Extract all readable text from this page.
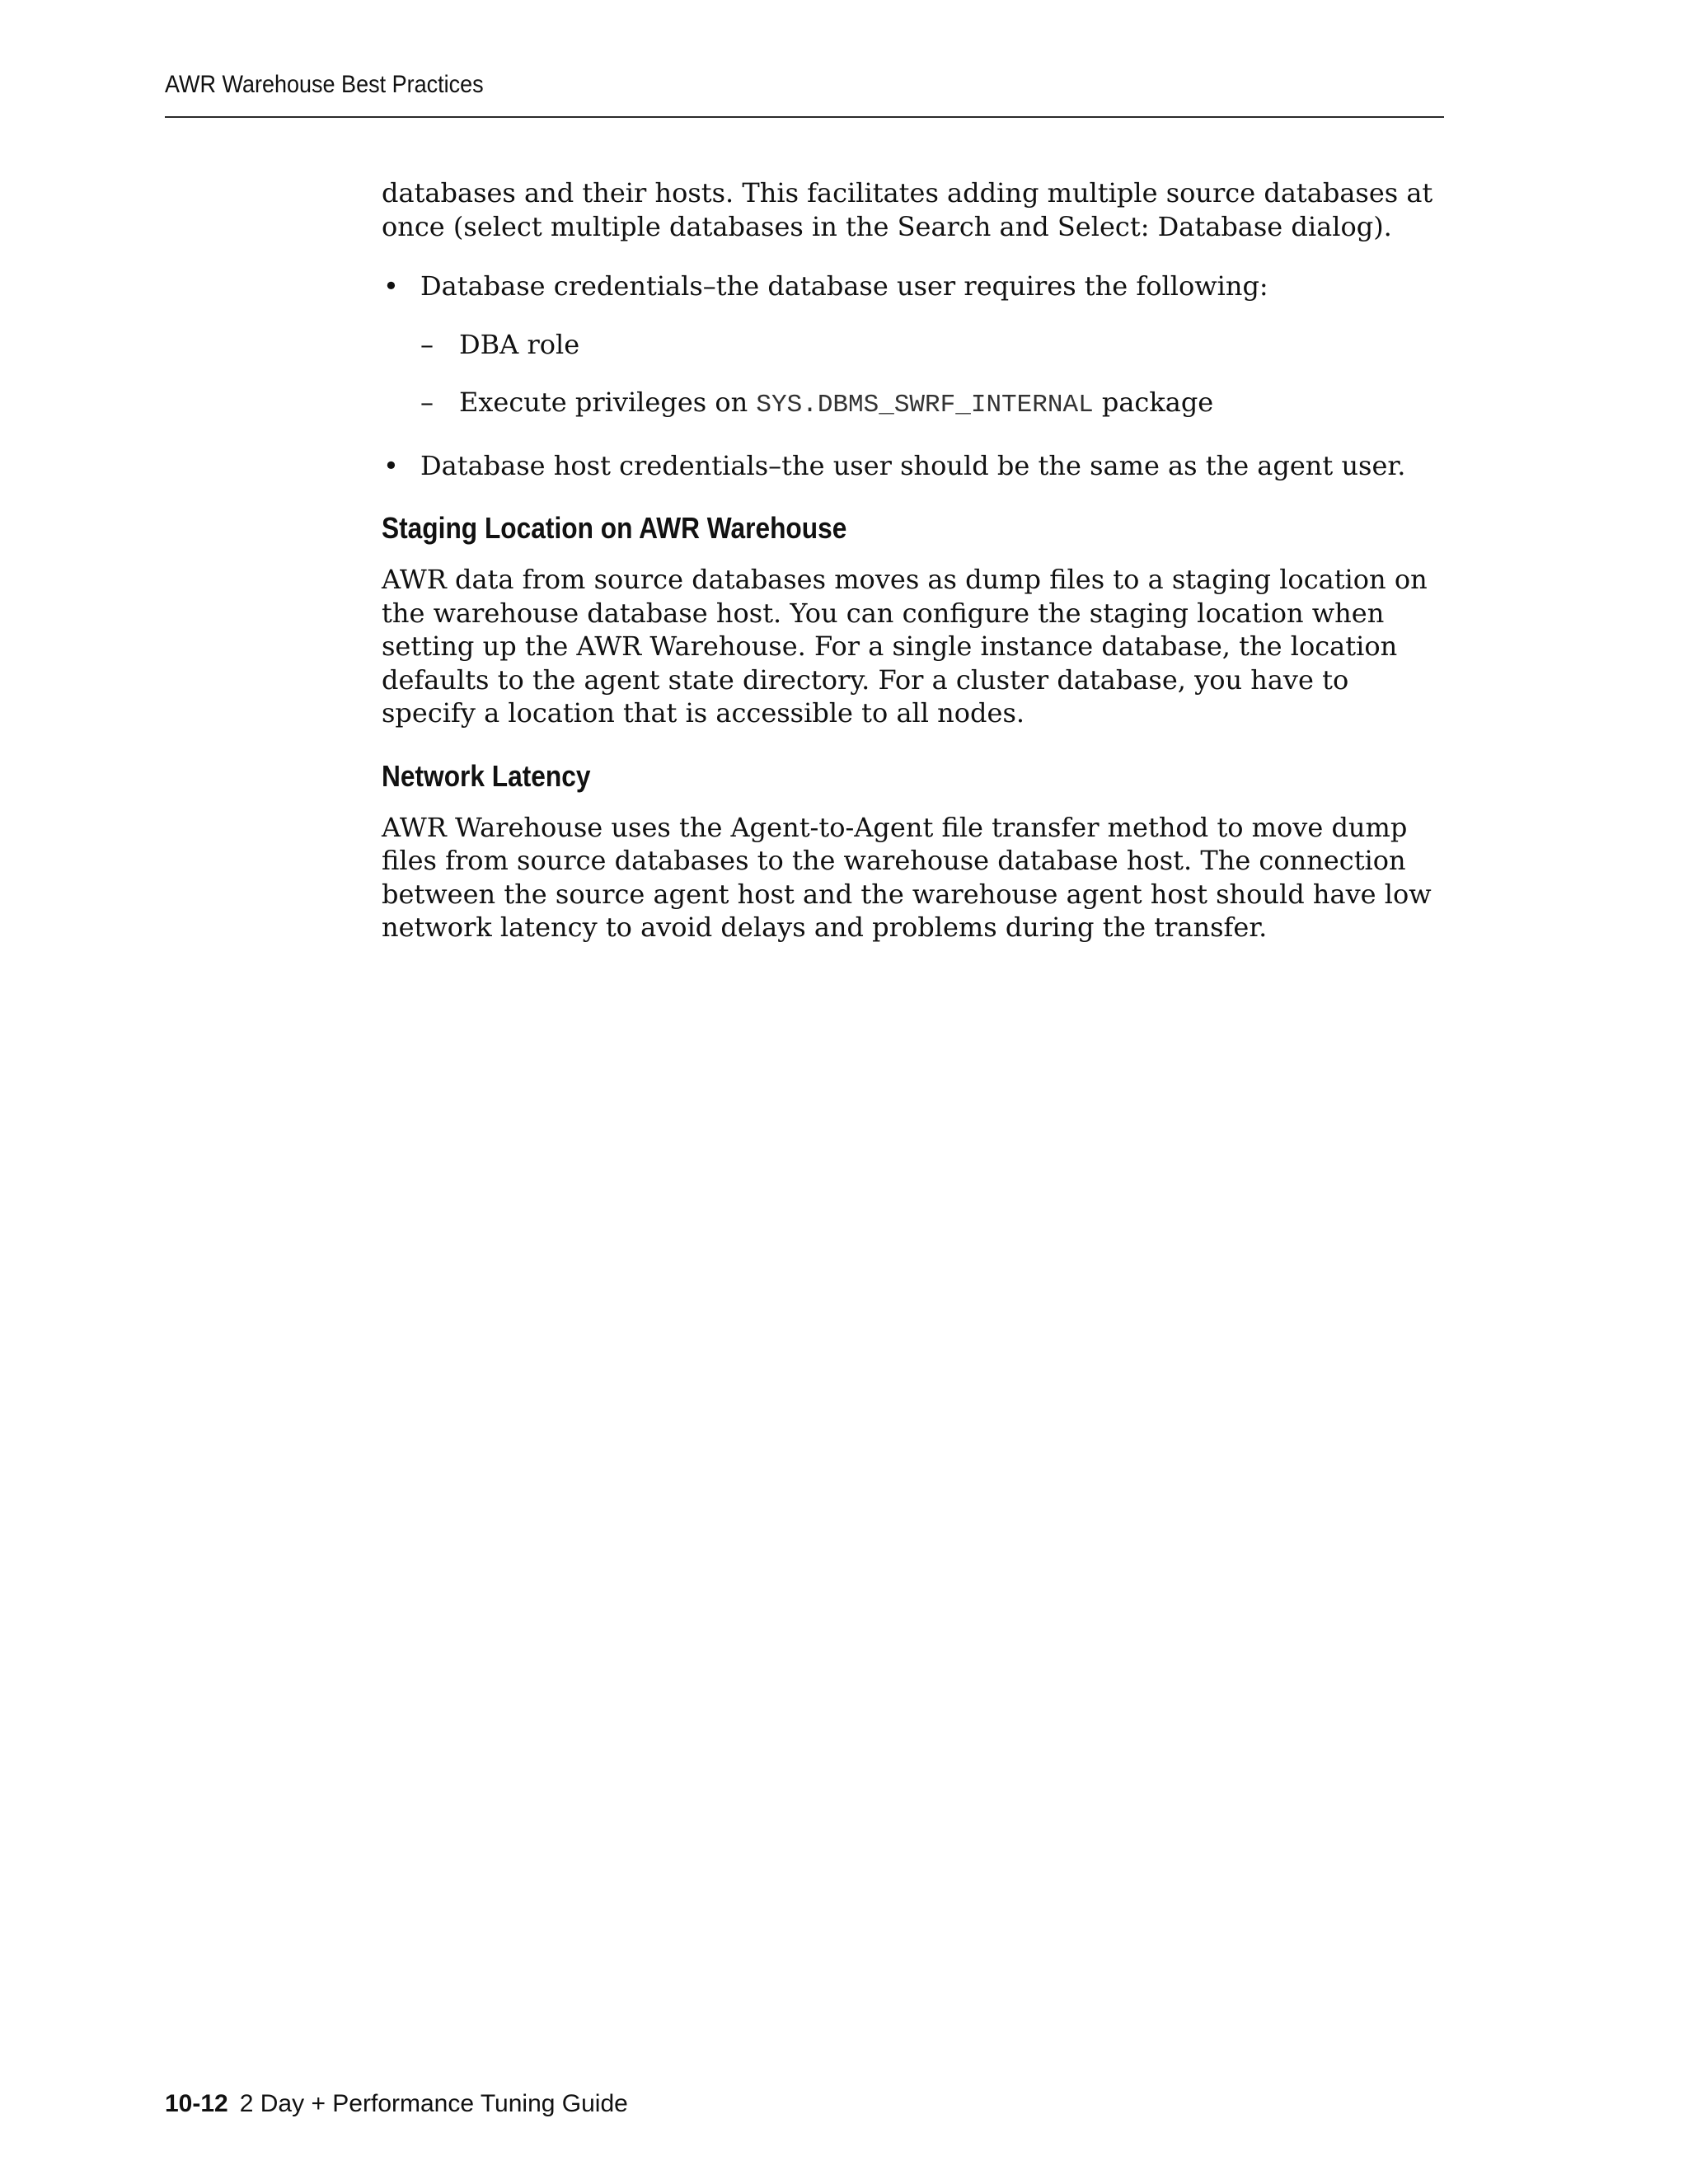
AWR Warehouse Best Practices

databases and their hosts. This facilitates adding multiple source databases at once (select multiple databases in the Search and Select: Database dialog).

• Database credentials–the database user requires the following:
– DBA role
– Execute privileges on SYS.DBMS_SWRF_INTERNAL package
• Database host credentials–the user should be the same as the agent user.
Staging Location on AWR Warehouse

AWR data from source databases moves as dump files to a staging location on the warehouse database host. You can configure the staging location when setting up the AWR Warehouse. For a single instance database, the location defaults to the agent state directory. For a cluster database, you have to specify a location that is accessible to all nodes.

Network Latency

AWR Warehouse uses the Agent-to-Agent file transfer method to move dump files from source databases to the warehouse database host. The connection between the source agent host and the warehouse agent host should have low network latency to avoid delays and problems during the transfer.

10-12 2 Day + Performance Tuning Guide
